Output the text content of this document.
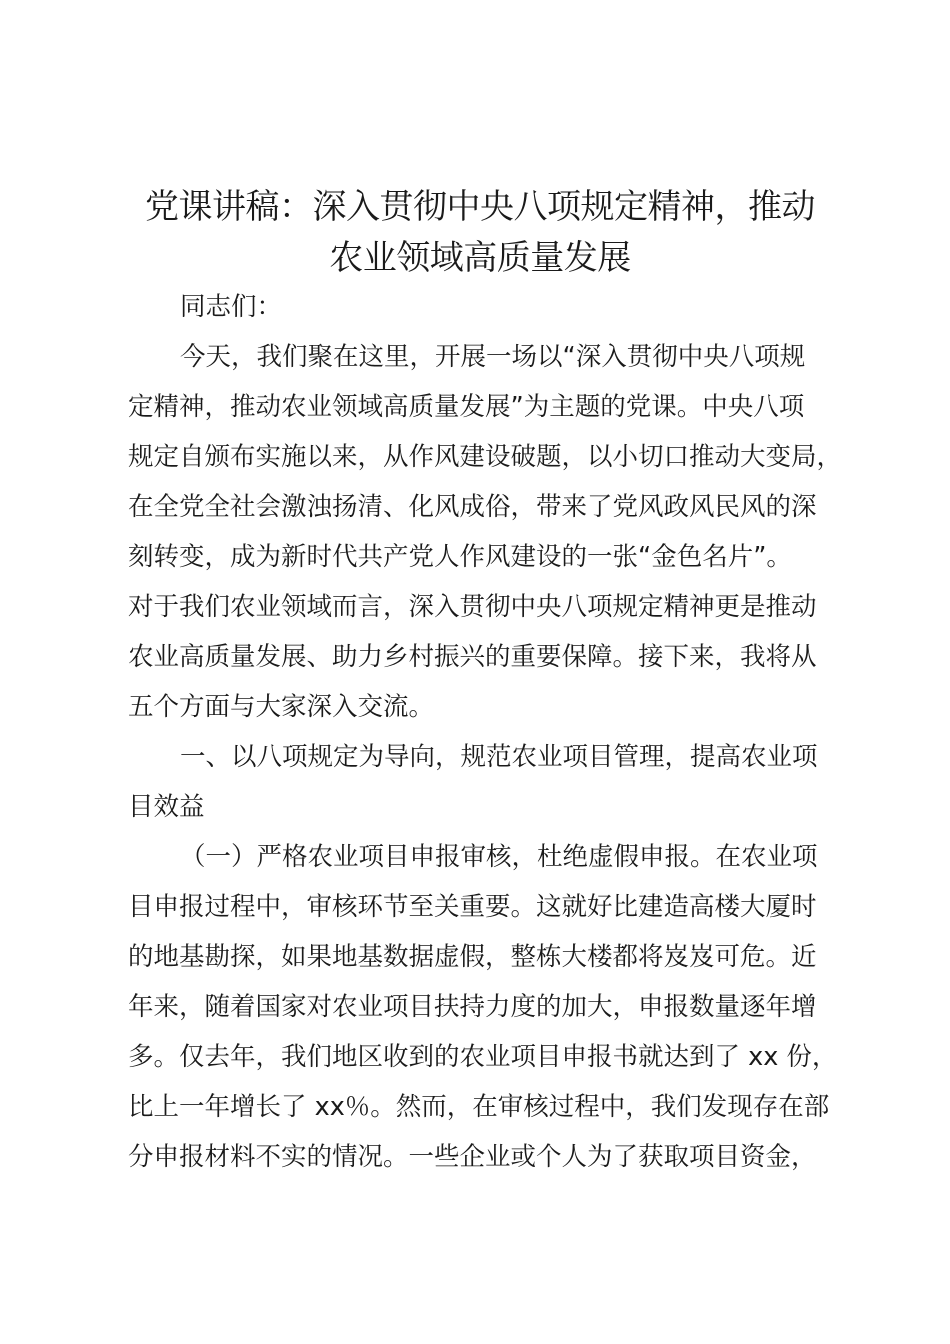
党课讲稿：深入贯彻中央八项规定精神，推动
农业领域高质量发展
同志们：
今天，我们聚在这里，开展一场以“深入贯彻中央八项规
定精神，推动农业领域高质量发展”为主题的党课。中央八项
规定自颁布实施以来，从作风建设破题，以小切口推动大变局，
在全党全社会激浊扬清、化风成俗，带来了党风政风民风的深
刻转变，成为新时代共产党人作风建设的一张“金色名片”。
对于我们农业领域而言，深入贯彻中央八项规定精神更是推动
农业高质量发展、助力乡村振兴的重要保障。接下来，我将从
五个方面与大家深入交流。
一、以八项规定为导向，规范农业项目管理，提高农业项
目效益
（一）严格农业项目申报审核，杜绝虚假申报。在农业项
目申报过程中，审核环节至关重要。这就好比建造高楼大厦时
的地基勘探，如果地基数据虚假，整栋大楼都将岌岌可危。近
年来，随着国家对农业项目扶持力度的加大，申报数量逐年增
多。仅去年，我们地区收到的农业项目申报书就达到了 xx 份，
比上一年增长了 xx％。然而，在审核过程中，我们发现存在部
分申报材料不实的情况。一些企业或个人为了获取项目资金，
